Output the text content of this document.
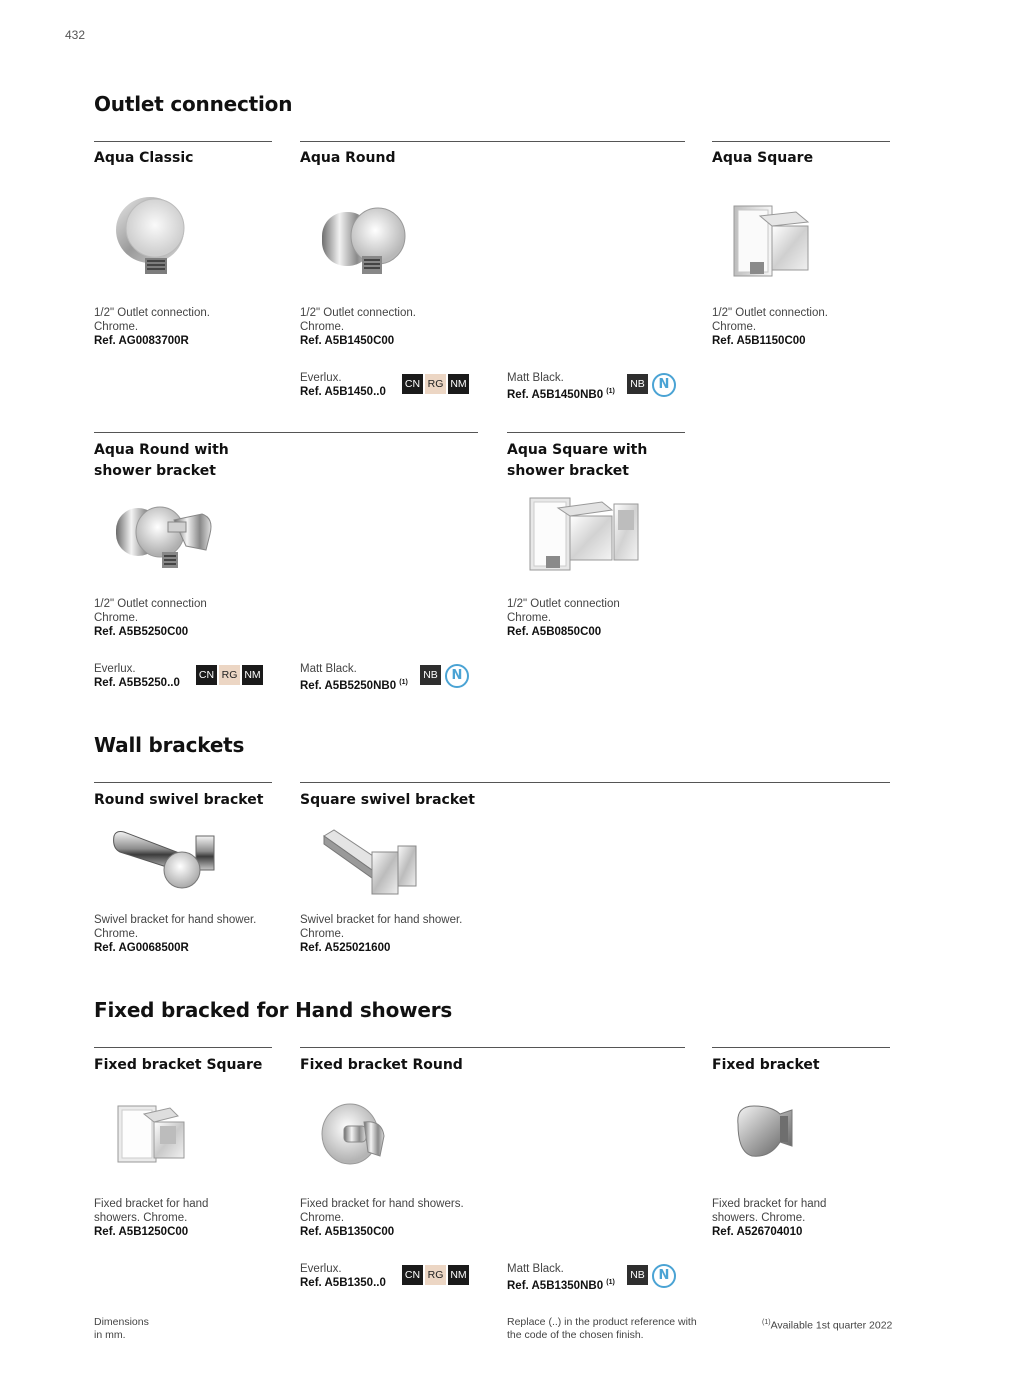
432
Outlet connection
Aqua Classic
1/2" Outlet connection.
Chrome.
Ref. AG0083700R
Aqua Round
1/2" Outlet connection.
Chrome.
Ref. A5B1450C00
Everlux.
Ref. A5B1450..0
CN RG NM	Matt Black.
Ref. A5B1450NB0 $^{(1)}$
NB	N
Aqua Square
1/2" Outlet connection.
Chrome.
Ref. A5B1150C00
Aqua Round with
shower bracket
1/2" Outlet connection
Chrome.
Ref. A5B5250C00
Everlux.
Ref. A5B5250..0
CN RG NM	Matt Black.
Ref. A5B5250NB0 $^{(1)}$
NB	N
Aqua Square with
shower bracket
1/2" Outlet connection
Chrome.
Ref. A5B0850C00
Wall brackets
Round swivel bracket
Swivel bracket for hand shower.
Chrome.
Ref. AG0068500R
Square swivel bracket
Swivel bracket for hand shower.
Chrome.
Ref. A525021600
Fixed bracked for Hand showers
Fixed bracket Square
Fixed bracket for hand
showers. Chrome.
Ref. A5B1250C00
Fixed bracket Round
Fixed bracket for hand showers.
Chrome.
Ref. A5B1350C00
Everlux.
Ref. A5B1350..0
CN RG NM	Matt Black.
Ref. A5B1350NB0 $^{(1)}$
NB	N
Fixed bracket
Fixed bracket for hand
showers. Chrome.
Ref. A526704010
Dimensions
in mm.
Replace (..) in the product reference with
the code of the chosen finish.
$^{(1)}$Available 1st quarter 2022
